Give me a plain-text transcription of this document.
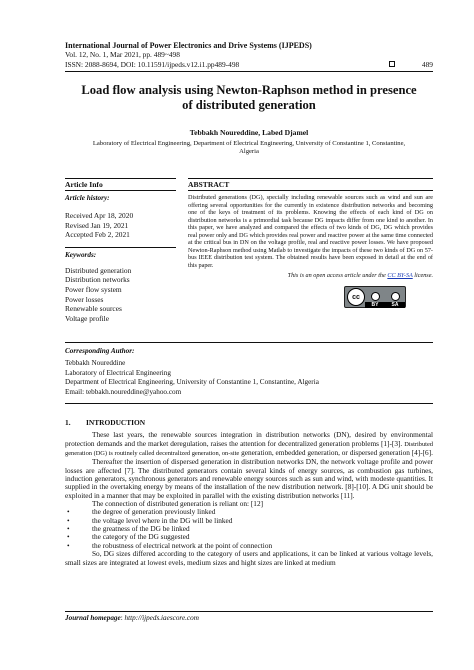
International Journal of Power Electronics and Drive Systems (IJPEDS)
Vol. 12, No. 1, Mar 2021, pp. 489~498
ISSN: 2088-8694, DOI: 10.11591/ijpeds.v12.i1.pp489-498	489
Load flow analysis using Newton-Raphson method in presence
of distributed generation
Tebbakh Noureddine, Labed Djamel
Laboratory of Electrical Engineering, Department of Electrical Engineering, University of Constantine 1, Constantine,
Algeria
Article Info
Article history:
Received Apr 18, 2020
Revised Jan 19, 2021
Accepted Feb 2, 2021
Keywords:
Distributed generation
Distribution networks
Power flow system
Power losses
Renewable sources
Voltage profile
ABSTRACT
Distributed generations (DG), specially including renewable sources such as wind and sun are offering several opportunities for the currently in existence distribution networks and becoming one of the keys of treatment of its problems. Knowing the effects of each kind of DG on distribution networks is a primordial task because DG impacts differ from one kind to another. In this paper, we have analyzed and compared the effects of two kinds of DG, DG which provides real power only and DG which provides real power and reactive power at the same time connected at the critical bus in DN on the voltage profile, real and reactive power losses. We have proposed Newton-Raphson method using Matlab to investigate the impacts of these two kinds of DG on 57-bus IEEE distribution test system. The obtained results have been exposed in detail at the end of this paper.
This is an open access article under the CC BY-SA license.
cc
BY	SA
Corresponding Author:
Tebbakh Noureddine
Laboratory of Electrical Engineering
Department of Electrical Engineering, University of Constantine 1, Constantine, Algeria
Email: tebbakh.noureddine@yahoo.com
1.	INTRODUCTION

These last years, the renewable sources integration in distribution networks (DN), desired by environmental protection demands and the market deregulation, raises the attention for decentralized generation problems [1]-[3]. Distributed generation (DG) is routinely called decentralized generation, on-site generation, embedded generation, or dispersed generation [4]-[6].

Thereafter the insertion of dispersed generation in distribution networks DN, the network voltage profile and power losses are affected [7]. The distributed generators contain several kinds of energy sources, as combustion gas turbines, induction generators, synchronous generators and renewable energy sources such as sun and wind, with modeste quantities. It supplied in the overtaking energy by means of the installation of the new distribution network. [8]-[10]. A DG unit should be exploited in a manner that may be exploited in parallel with the existing distribution networks [11].

The connection of distributed generation is reliant on: [12]

•	the degree of generation previously linked
•	the voltage level where in the DG will be linked
•	the greatness of the DG be linked
•	the category of the DG suggested
•	the robustness of electrical network at the point of connection

So, DG sizes differed according to the category of users and applications, it can be linked at various voltage levels, small sizes are integrated at lowest evels, medium sizes and hight sizes are linked at medium

Journal homepage: http://ijpeds.iaescore.com
